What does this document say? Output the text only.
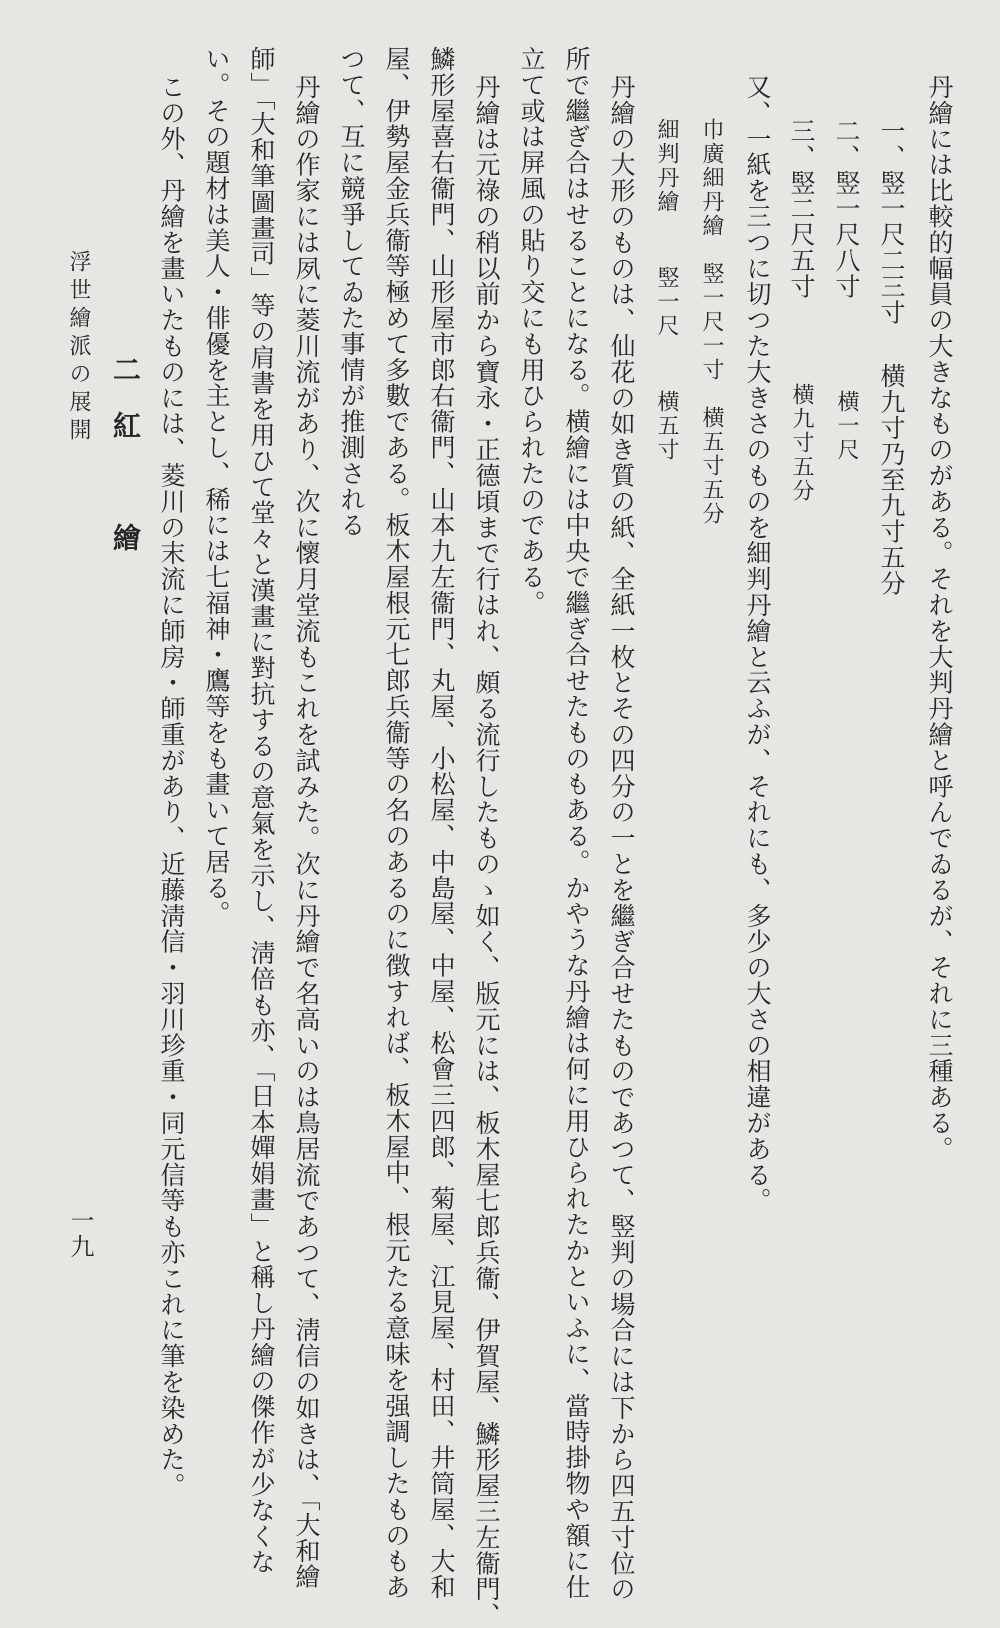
丹繪には比較的幅員の大きなものがある。それを大判丹繪と呼んでゐるが、それに三種ある。

一、竪一尺二三寸横九寸乃至九寸五分
二、竪一尺八寸横一尺
三、竪二尺五寸横九寸五分

又、一紙を三つに切つた大きさのものを細判丹繪と云ふが、それにも、多少の大さの相違がある。

巾廣細丹繪竪一尺一寸横五寸五分
細判丹繪竪一尺横五寸

丹繪の大形のものは、仙花の如き質の紙、全紙一枚とその四分の一とを繼ぎ合せたものであつて、竪判の場合には下から四五寸位の

所で繼ぎ合はせることになる。横繪には中央で繼ぎ合せたものもある。かやうな丹繪は何に用ひられたかといふに、當時掛物や額に仕

立て或は屏風の貼り交にも用ひられたのである。

丹繪は元祿の稍以前から寶永・正德頃まで行はれ、頗る流行したものゝ如く、版元には、板木屋七郎兵衞、伊賀屋、鱗形屋三左衞門、

鱗形屋喜右衞門、山形屋市郎右衞門、山本九左衞門、丸屋、小松屋、中島屋、中屋、松會三四郎、菊屋、江見屋、村田、井筒屋、大和

屋、伊勢屋金兵衞等極めて多數である。板木屋根元七郎兵衞等の名のあるのに徴すれば、板木屋中、根元たる意味を强調したものもあ

つて、互に競爭してゐた事情が推測される

丹繪の作家には夙に菱川流があり、次に懷月堂流もこれを試みた。次に丹繪で名高いのは鳥居流であつて、淸信の如きは、「大和繪

師」「大和筆圖畫司」等の肩書を用ひて堂々と漢畫に對抗するの意氣を示し、淸倍も亦、「日本嬋娟畫」と稱し丹繪の傑作が少なくな

い。その題材は美人・俳優を主とし、稀には七福神・鷹等をも畫いて居る。

この外、丹繪を畫いたものには、菱川の末流に師房・師重があり、近藤淸信・羽川珍重・同元信等も亦これに筆を染めた。

二　紅　　　繪

浮世繪派の展開

一九
